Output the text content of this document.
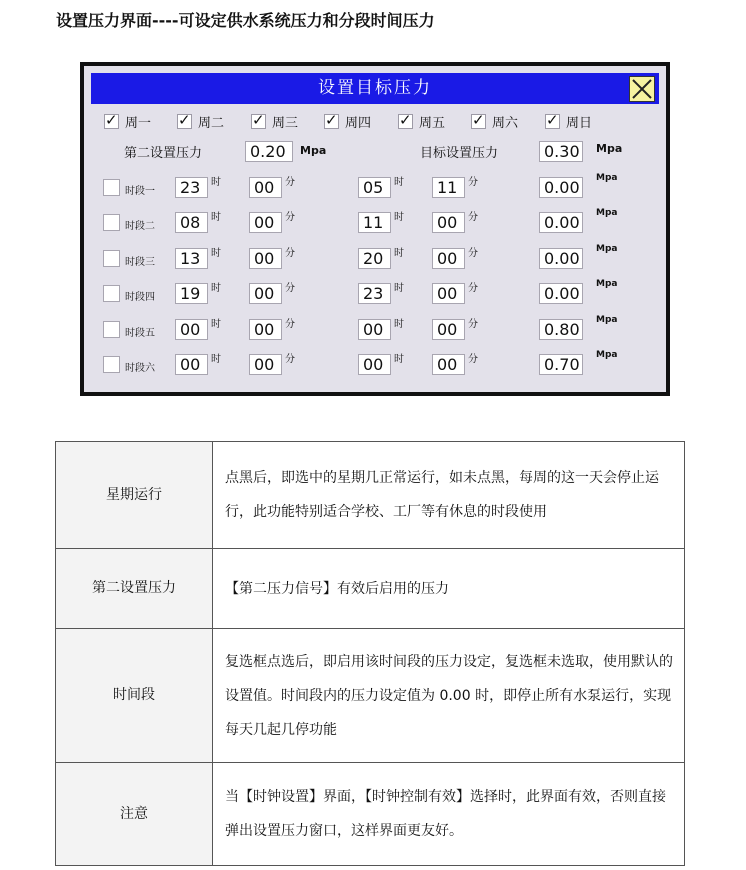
设置压力界面----可设定供水系统压力和分段时间压力
设置目标压力
✓ 周一 ✓ 周二 ✓ 周三 ✓ 周四 ✓ 周五 ✓ 周六 ✓ 周日
第二设置压力	0.20	Mpa	目标设置压力	0.30	Mpa
时段一	23	时	00	分	05	时	11	分	0.00	Mpa
时段二	08	时	00	分	11	时	00	分	0.00	Mpa
时段三	13	时	00	分	20	时	00	分	0.00	Mpa
时段四	19	时	00	分	23	时	00	分	0.00	Mpa
时段五	00	时	00	分	00	时	00	分	0.80	Mpa
时段六	00	时	00	分	00	时	00	分	0.70	Mpa
星期运行	点黑后，即选中的星期几正常运行，如未点黑，每周的这一天会停止运行，此功能特别适合学校、工厂等有休息的时段使用
第二设置压力	【第二压力信号】有效后启用的压力
时间段	复选框点选后，即启用该时间段的压力设定，复选框未选取，使用默认的设置值。时间段内的压力设定值为 0.00 时，即停止所有水泵运行，实现每天几起几停功能
注意	当【时钟设置】界面，【时钟控制有效】选择时，此界面有效，否则直接弹出设置压力窗口，这样界面更友好。
